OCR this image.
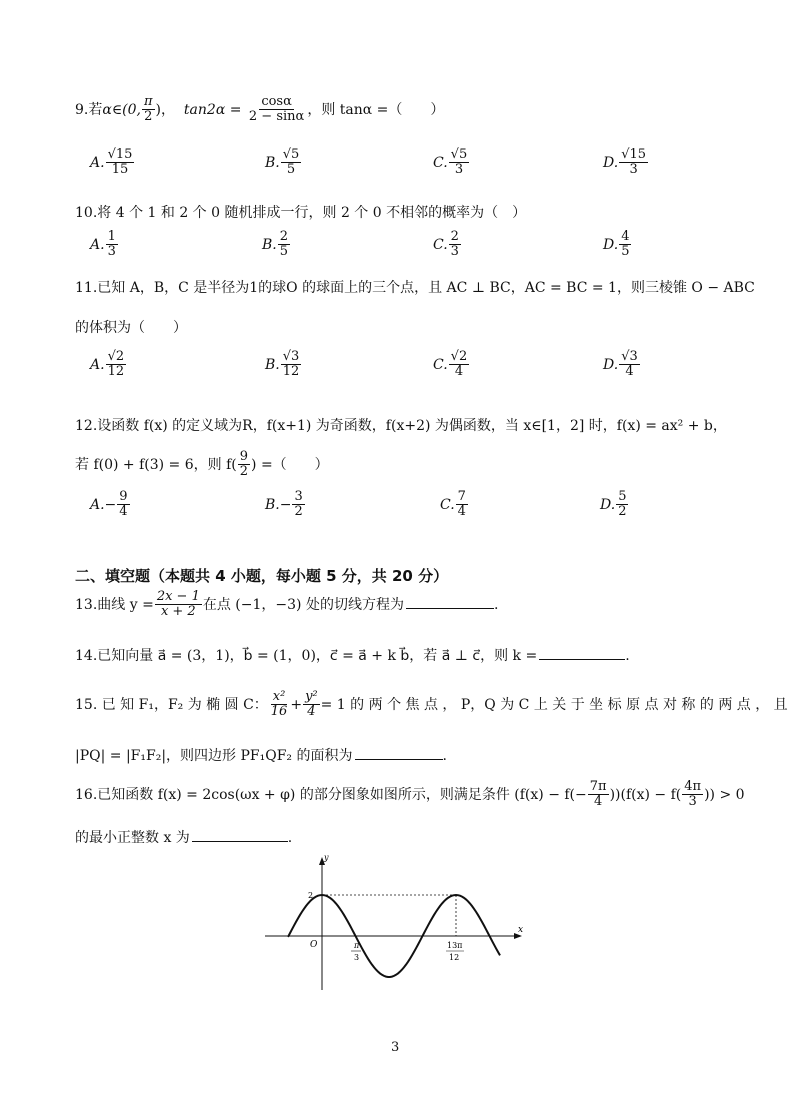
9.若α∈(0, $\frac{\pi}{2}$ )， $\tan 2\alpha = \frac{\cos\alpha}{2 - \sin\alpha}$ ，则 tanα =（　　）
A. $\frac{√15}{15}$	B. $\frac{√5}{5}$	C. $\frac{√5}{3}$	D. $\frac{√15}{3}$
10.将 4 个 1 和 2 个 0 随机排成一行，则 2 个 0 不相邻的概率为（　）
A. $\frac{1}{3}$	B. $\frac{2}{5}$	C. $\frac{2}{3}$	D. $\frac{4}{5}$
11.已知 A，B，C 是半径为1的球O 的球面上的三个点，且 AC ⊥ BC，AC = BC = 1，则三棱锥 O − ABC
的体积为（　　）
A. $\frac{√2}{12}$	B. $\frac{√3}{12}$	C. $\frac{√2}{4}$	D. $\frac{√3}{4}$
12.设函数 f(x) 的定义域为R，f(x+1) 为奇函数，f(x+2) 为偶函数，当 x∈[1，2] 时，f(x) = ax² + b，
若 f(0) + f(3) = 6，则 $f( \frac{9}{2}$ ) =（　　）
$A.- \frac{9}{4}$	$B.- \frac{3}{2}$	C. $\frac{7}{4}$	D. $\frac{5}{2}$
二、填空题（本题共 4 小题，每小题 5 分，共 20 分）
13.曲线 $y = \frac{2x - 1}{x + 2}$ 在点 (−1，−3) 处的切线方程为	.
14.已知向量 a⃗ = (3，1)，b⃗ = (1，0)，c⃗ = a⃗ + k b⃗，若 a⃗ ⊥ c⃗，则 k =	.
15. 已 知 F₁，F₂ 为 椭 圆 C： $\frac{\text{x²}}{16} + \frac{\text{y²}}{4} = 1$ 的 两 个 焦 点 ， P，Q 为 C 上 关 于 坐 标 原 点 对 称 的 两 点 ， 且
|PQ| = |F₁F₂|，则四边形 PF₁QF₂ 的面积为	.
16.已知函数 f(x) = 2cos(ωx + φ) 的部分图象如图所示，则满足条件 $(f(x) - f(- \frac{7\pi}{4} ))(f(x) - f( \frac{4\pi}{3}$ )) > 0
的最小正整数 x 为	.
y
x
O
2
π
3
13π
12
3
